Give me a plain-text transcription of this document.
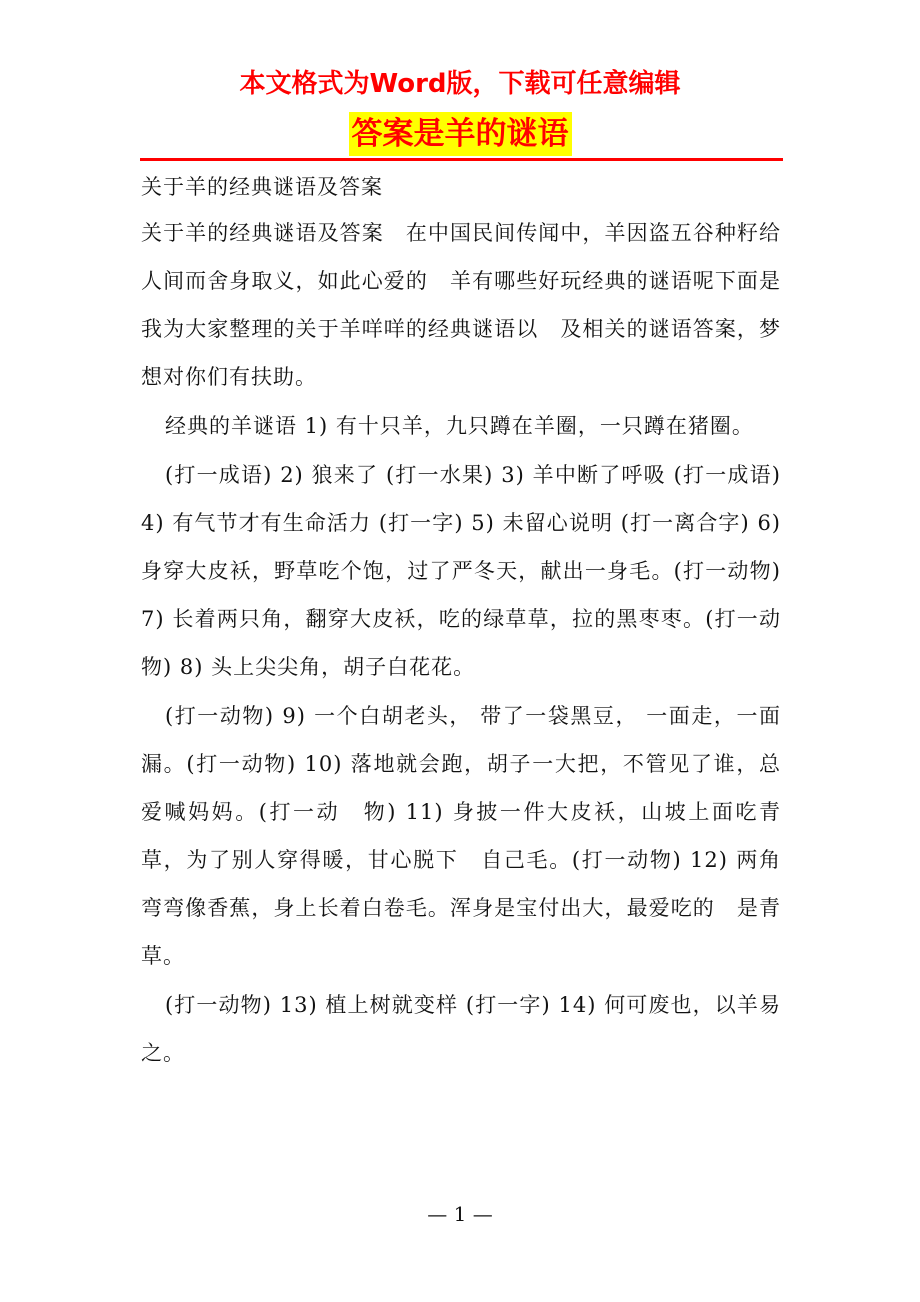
本文格式为Word版，下载可任意编辑
答案是羊的谜语

关于羊的经典谜语及答案

关于羊的经典谜语及答案　在中国民间传闻中，羊因盗五谷种籽给人间而舍身取义，如此心爱的　羊有哪些好玩经典的谜语呢下面是我为大家整理的关于羊咩咩的经典谜语以　及相关的谜语答案，梦想对你们有扶助。

经典的羊谜语 1) 有十只羊，九只蹲在羊圈，一只蹲在猪圈。

(打一成语) 2) 狼来了 (打一水果) 3) 羊中断了呼吸 (打一成语) 4) 有气节才有生命活力 (打一字) 5) 未留心说明 (打一离合字) 6) 身穿大皮袄，野草吃个饱，过了严冬天，献出一身毛。(打一动物) 7) 长着两只角，翻穿大皮袄，吃的绿草草，拉的黑枣枣。(打一动物) 8) 头上尖尖角，胡子白花花。

(打一动物) 9) 一个白胡老头， 带了一袋黑豆， 一面走，一面漏。(打一动物) 10) 落地就会跑，胡子一大把，不管见了谁，总爱喊妈妈。(打一动　物) 11) 身披一件大皮袄，山坡上面吃青草，为了别人穿得暖，甘心脱下　自己毛。(打一动物) 12) 两角弯弯像香蕉，身上长着白卷毛。浑身是宝付出大，最爱吃的　是青草。

(打一动物) 13) 植上树就变样 (打一字) 14) 何可废也，以羊易之。

— 1 —
